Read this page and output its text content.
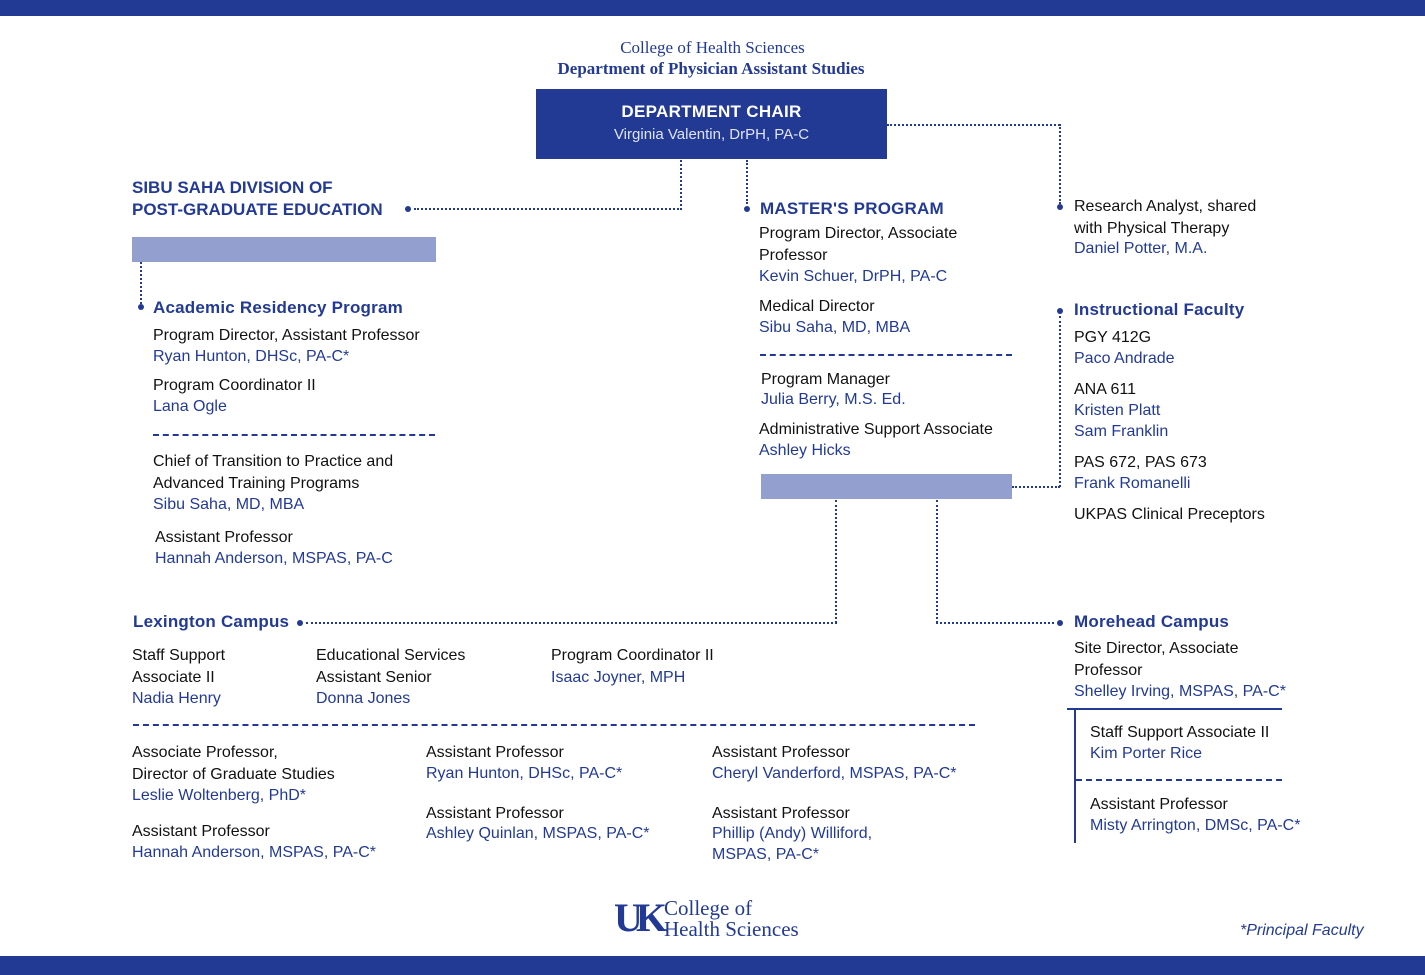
College of Health Sciences
Department of Physician Assistant Studies
DEPARTMENT CHAIR
Virginia Valentin, DrPH, PA-C
SIBU SAHA DIVISION OF
POST-GRADUATE EDUCATION
Academic Residency Program
Program Director, Assistant Professor
Ryan Hunton, DHSc, PA-C*
Program Coordinator II
Lana Ogle
Chief of Transition to Practice and
Advanced Training Programs
Sibu Saha, MD, MBA
Assistant Professor
Hannah Anderson, MSPAS, PA-C
MASTER'S PROGRAM
Program Director, Associate
Professor
Kevin Schuer, DrPH, PA-C
Medical Director
Sibu Saha, MD, MBA
Program Manager
Julia Berry, M.S. Ed.
Administrative Support Associate
Ashley Hicks
Research Analyst, shared
with Physical Therapy
Daniel Potter, M.A.
Instructional Faculty
PGY 412G
Paco Andrade
ANA 611
Kristen Platt
Sam Franklin
PAS 672, PAS 673
Frank Romanelli
UKPAS Clinical Preceptors
Lexington Campus
Staff Support
Associate II
Nadia Henry
Educational Services
Assistant Senior
Donna Jones
Program Coordinator II
Isaac Joyner, MPH
Associate Professor,
Director of Graduate Studies
Leslie Woltenberg, PhD*
Assistant Professor
Hannah Anderson, MSPAS, PA-C*
Assistant Professor
Ryan Hunton, DHSc, PA-C*
Assistant Professor
Ashley Quinlan, MSPAS, PA-C*
Assistant Professor
Cheryl Vanderford, MSPAS, PA-C*
Assistant Professor
Phillip (Andy) Williford,
MSPAS, PA-C*
Morehead Campus
Site Director, Associate
Professor
Shelley Irving, MSPAS, PA-C*
Staff Support Associate II
Kim Porter Rice
Assistant Professor
Misty Arrington, DMSc, PA-C*
UK College of
Health Sciences	*Principal Faculty
